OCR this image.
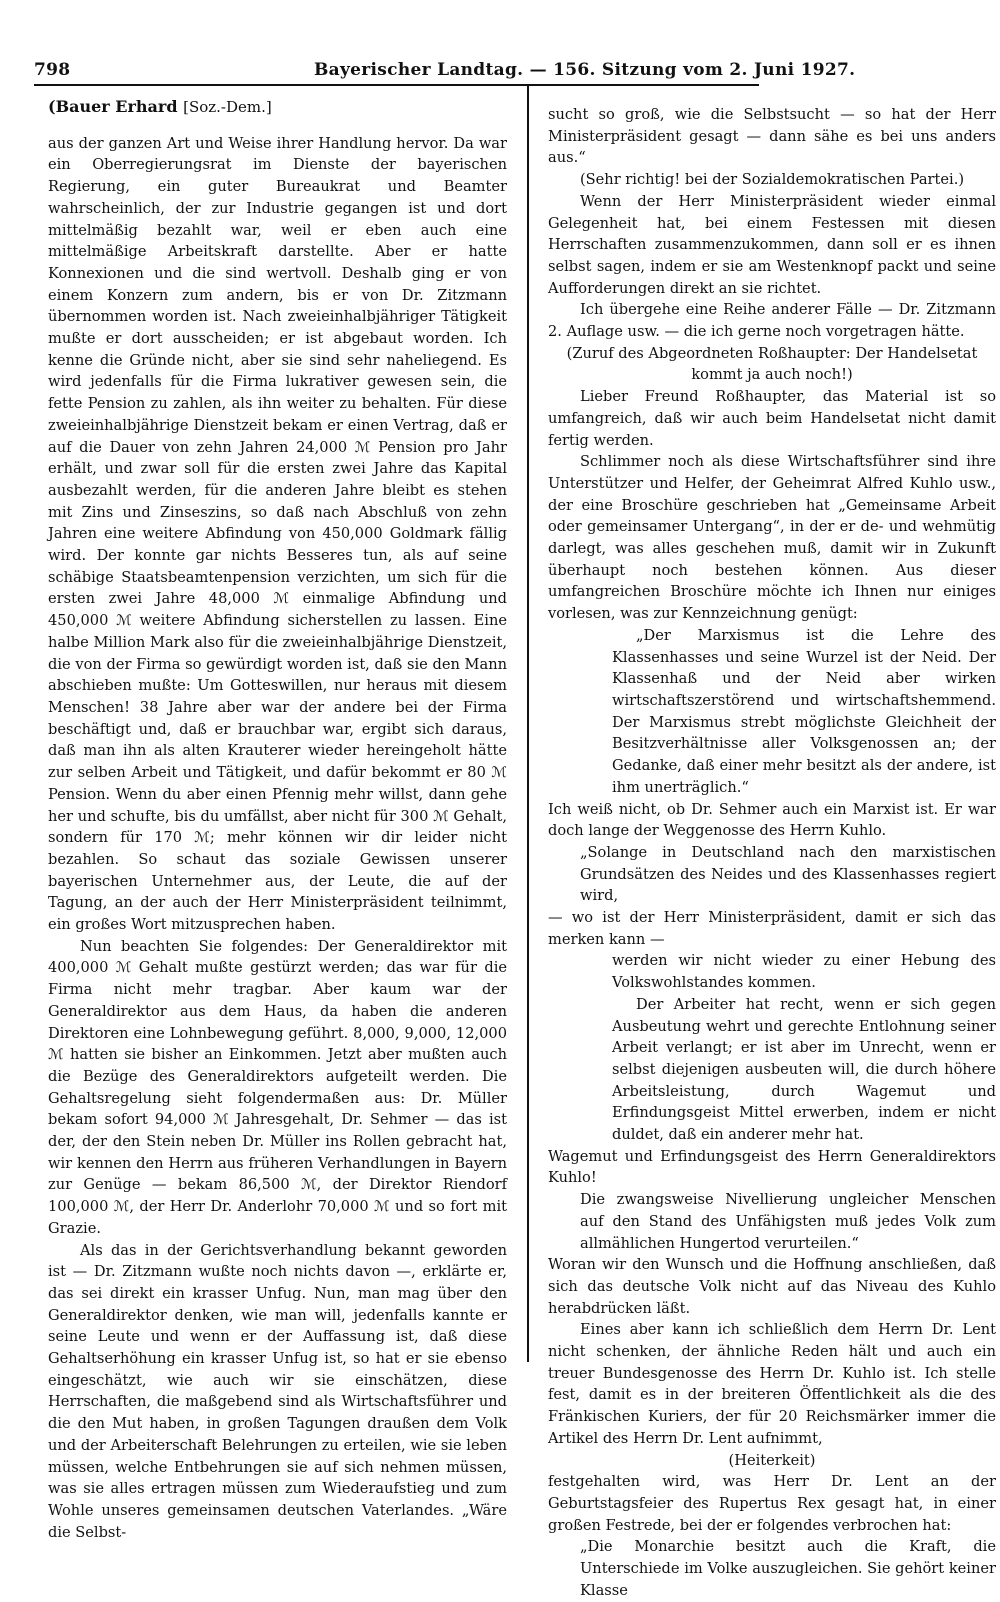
798	Bayerischer Landtag. — 156. Sitzung vom 2. Juni 1927.

(Bauer Erhard [Soz.-Dem.]

aus der ganzen Art und Weise ihrer Handlung hervor. Da war ein Oberregierungsrat im Dienste der bayerischen Regierung, ein guter Bureaukrat und Beamter wahrscheinlich, der zur Industrie gegangen ist und dort mittelmäßig bezahlt war, weil er eben auch eine mittelmäßige Arbeitskraft darstellte. Aber er hatte Konnexionen und die sind wertvoll. Deshalb ging er von einem Konzern zum andern, bis er von Dr. Zitzmann übernommen worden ist. Nach zweieinhalbjähriger Tätigkeit mußte er dort ausscheiden; er ist abgebaut worden. Ich kenne die Gründe nicht, aber sie sind sehr naheliegend. Es wird jedenfalls für die Firma lukrativer gewesen sein, die fette Pension zu zahlen, als ihn weiter zu behalten. Für diese zweieinhalbjährige Dienstzeit bekam er einen Vertrag, daß er auf die Dauer von zehn Jahren 24,000 ℳ Pension pro Jahr erhält, und zwar soll für die ersten zwei Jahre das Kapital ausbezahlt werden, für die anderen Jahre bleibt es stehen mit Zins und Zinseszins, so daß nach Abschluß von zehn Jahren eine weitere Abfindung von 450,000 Goldmark fällig wird. Der konnte gar nichts Besseres tun, als auf seine schäbige Staatsbeamtenpension verzichten, um sich für die ersten zwei Jahre 48,000 ℳ einmalige Abfindung und 450,000 ℳ weitere Abfindung sicherstellen zu lassen. Eine halbe Million Mark also für die zweieinhalbjährige Dienstzeit, die von der Firma so gewürdigt worden ist, daß sie den Mann abschieben mußte: Um Gotteswillen, nur heraus mit diesem Menschen! 38 Jahre aber war der andere bei der Firma beschäftigt und, daß er brauchbar war, ergibt sich daraus, daß man ihn als alten Krauterer wieder hereingeholt hätte zur selben Arbeit und Tätigkeit, und dafür bekommt er 80 ℳ Pension. Wenn du aber einen Pfennig mehr willst, dann gehe her und schufte, bis du umfällst, aber nicht für 300 ℳ Gehalt, sondern für 170 ℳ; mehr können wir dir leider nicht bezahlen. So schaut das soziale Gewissen unserer bayerischen Unternehmer aus, der Leute, die auf der Tagung, an der auch der Herr Ministerpräsident teilnimmt, ein großes Wort mitzusprechen haben.

Nun beachten Sie folgendes: Der Generaldirektor mit 400,000 ℳ Gehalt mußte gestürzt werden; das war für die Firma nicht mehr tragbar. Aber kaum war der Generaldirektor aus dem Haus, da haben die anderen Direktoren eine Lohnbewegung geführt. 8,000, 9,000, 12,000 ℳ hatten sie bisher an Einkommen. Jetzt aber mußten auch die Bezüge des Generaldirektors aufgeteilt werden. Die Gehaltsregelung sieht folgendermaßen aus: Dr. Müller bekam sofort 94,000 ℳ Jahresgehalt, Dr. Sehmer — das ist der, der den Stein neben Dr. Müller ins Rollen gebracht hat, wir kennen den Herrn aus früheren Verhandlungen in Bayern zur Genüge — bekam 86,500 ℳ, der Direktor Riendorf 100,000 ℳ, der Herr Dr. Anderlohr 70,000 ℳ und so fort mit Grazie.

Als das in der Gerichtsverhandlung bekannt geworden ist — Dr. Zitzmann wußte noch nichts davon —, erklärte er, das sei direkt ein krasser Unfug. Nun, man mag über den Generaldirektor denken, wie man will, jedenfalls kannte er seine Leute und wenn er der Auffassung ist, daß diese Gehaltserhöhung ein krasser Unfug ist, so hat er sie ebenso eingeschätzt, wie auch wir sie einschätzen, diese Herrschaften, die maßgebend sind als Wirtschaftsführer und die den Mut haben, in großen Tagungen draußen dem Volk und der Arbeiterschaft Belehrungen zu erteilen, wie sie leben müssen, welche Entbehrungen sie auf sich nehmen müssen, was sie alles ertragen müssen zum Wiederaufstieg und zum Wohle unseres gemeinsamen deutschen Vaterlandes. „Wäre die Selbst-

sucht so groß, wie die Selbstsucht — so hat der Herr Ministerpräsident gesagt — dann sähe es bei uns anders aus.“

(Sehr richtig! bei der Sozialdemokratischen Partei.)

Wenn der Herr Ministerpräsident wieder einmal Gelegenheit hat, bei einem Festessen mit diesen Herrschaften zusammenzukommen, dann soll er es ihnen selbst sagen, indem er sie am Westenknopf packt und seine Aufforderungen direkt an sie richtet.

Ich übergehe eine Reihe anderer Fälle — Dr. Zitzmann 2. Auflage usw. — die ich gerne noch vorgetragen hätte.

(Zuruf des Abgeordneten Roßhaupter: Der Handelsetat kommt ja auch noch!)

Lieber Freund Roßhaupter, das Material ist so umfangreich, daß wir auch beim Handelsetat nicht damit fertig werden.

Schlimmer noch als diese Wirtschaftsführer sind ihre Unterstützer und Helfer, der Geheimrat Alfred Kuhlo usw., der eine Broschüre geschrieben hat „Gemeinsame Arbeit oder gemeinsamer Untergang“, in der er de- und wehmütig darlegt, was alles geschehen muß, damit wir in Zukunft überhaupt noch bestehen können. Aus dieser umfangreichen Broschüre möchte ich Ihnen nur einiges vorlesen, was zur Kennzeichnung genügt:

„Der Marxismus ist die Lehre des Klassenhasses und seine Wurzel ist der Neid. Der Klassenhaß und der Neid aber wirken wirtschaftszerstörend und wirtschaftshemmend. Der Marxismus strebt möglichste Gleichheit der Besitzverhältnisse aller Volksgenossen an; der Gedanke, daß einer mehr besitzt als der andere, ist ihm unerträglich.“

Ich weiß nicht, ob Dr. Sehmer auch ein Marxist ist. Er war doch lange der Weggenosse des Herrn Kuhlo.

„Solange in Deutschland nach den marxistischen Grundsätzen des Neides und des Klassenhasses regiert wird,

— wo ist der Herr Ministerpräsident, damit er sich das merken kann —

werden wir nicht wieder zu einer Hebung des Volkswohlstandes kommen.

Der Arbeiter hat recht, wenn er sich gegen Ausbeutung wehrt und gerechte Entlohnung seiner Arbeit verlangt; er ist aber im Unrecht, wenn er selbst diejenigen ausbeuten will, die durch höhere Arbeitsleistung, durch Wagemut und Erfindungsgeist Mittel erwerben, indem er nicht duldet, daß ein anderer mehr hat.

Wagemut und Erfindungsgeist des Herrn Generaldirektors Kuhlo!

Die zwangsweise Nivellierung ungleicher Menschen auf den Stand des Unfähigsten muß jedes Volk zum allmählichen Hungertod verurteilen.“

Woran wir den Wunsch und die Hoffnung anschließen, daß sich das deutsche Volk nicht auf das Niveau des Kuhlo herabdrücken läßt.

Eines aber kann ich schließlich dem Herrn Dr. Lent nicht schenken, der ähnliche Reden hält und auch ein treuer Bundesgenosse des Herrn Dr. Kuhlo ist. Ich stelle fest, damit es in der breiteren Öffentlichkeit als die des Fränkischen Kuriers, der für 20 Reichsmärker immer die Artikel des Herrn Dr. Lent aufnimmt,

(Heiterkeit)

festgehalten wird, was Herr Dr. Lent an der Geburtstagsfeier des Rupertus Rex gesagt hat, in einer großen Festrede, bei der er folgendes verbrochen hat:

„Die Monarchie besitzt auch die Kraft, die Unterschiede im Volke auszugleichen. Sie gehört keiner Klasse
